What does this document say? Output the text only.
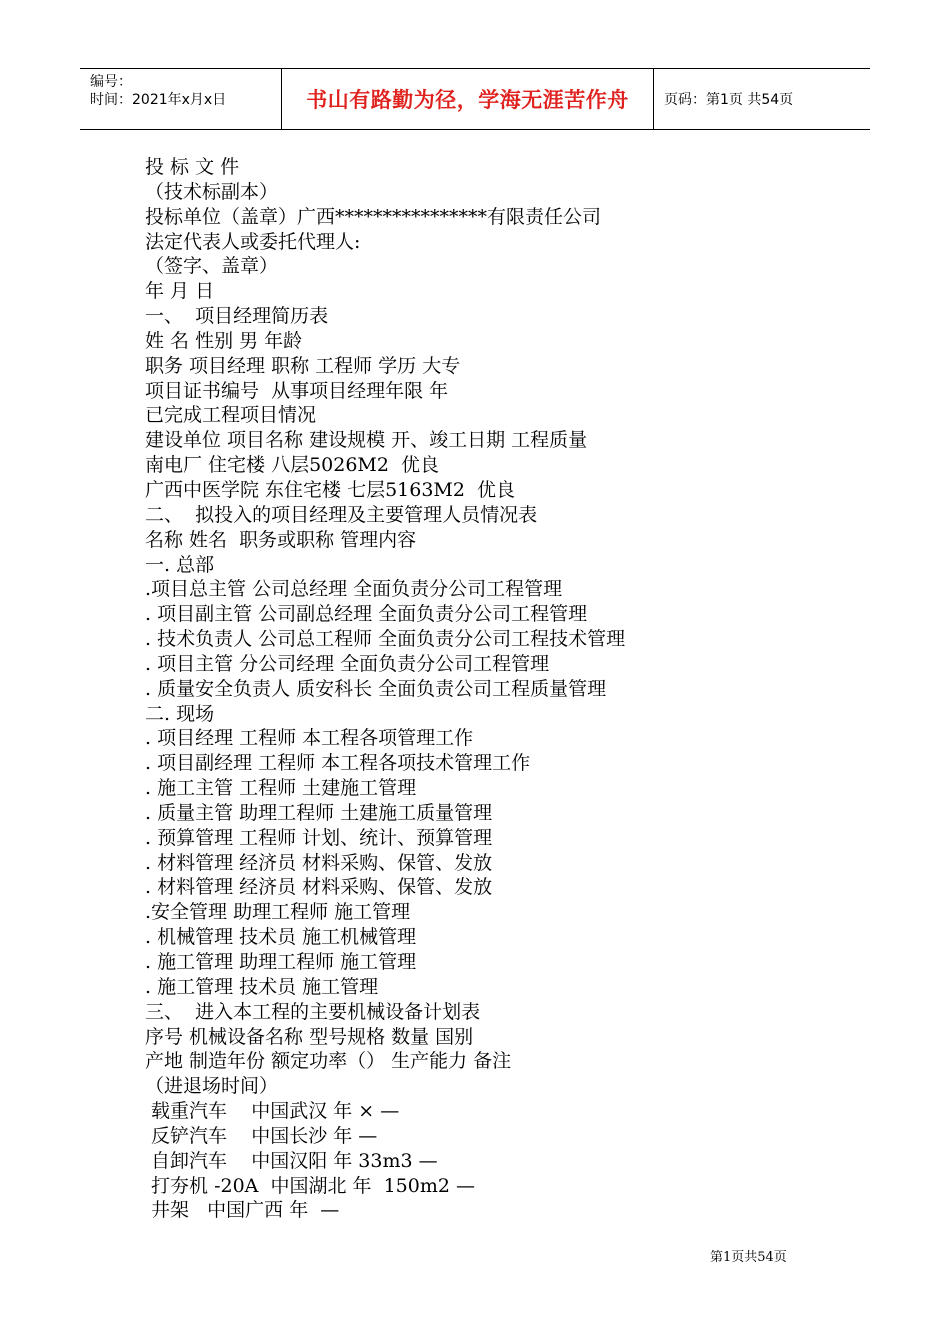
编号：
时间：2021年x月x日	书山有路勤为径，学海无涯苦作舟	页码：第1页 共54页
投 标 文 件
（技术标副本）
投标单位（盖章）广西****************有限责任公司
法定代表人或委托代理人:
（签字、盖章）
年 月 日
一、  项目经理简历表
姓 名 性别 男 年龄
职务 项目经理 职称 工程师 学历 大专
项目证书编号  从事项目经理年限 年
已完成工程项目情况
建设单位 项目名称 建设规模 开、竣工日期 工程质量
南电厂 住宅楼 八层5026M2  优良
广西中医学院 东住宅楼 七层5163M2  优良
二、  拟投入的项目经理及主要管理人员情况表
名称 姓名  职务或职称 管理内容
一. 总部
.项目总主管 公司总经理 全面负责分公司工程管理
. 项目副主管 公司副总经理 全面负责分公司工程管理
. 技术负责人 公司总工程师 全面负责分公司工程技术管理
. 项目主管 分公司经理 全面负责分公司工程管理
. 质量安全负责人 质安科长 全面负责公司工程质量管理
二. 现场
. 项目经理 工程师 本工程各项管理工作
. 项目副经理 工程师 本工程各项技术管理工作
. 施工主管 工程师 土建施工管理
. 质量主管 助理工程师 土建施工质量管理
. 预算管理 工程师 计划、统计、预算管理
. 材料管理 经济员 材料采购、保管、发放
. 材料管理 经济员 材料采购、保管、发放
.安全管理 助理工程师 施工管理
. 机械管理 技术员 施工机械管理
. 施工管理 助理工程师 施工管理
. 施工管理 技术员 施工管理
三、  进入本工程的主要机械设备计划表
序号 机械设备名称 型号规格 数量 国别
产地 制造年份 额定功率（） 生产能力 备注
（进退场时间）
载重汽车    中国武汉 年 × —
反铲汽车    中国长沙 年 —
自卸汽车    中国汉阳 年 33m3 —
打夯机 -20A  中国湖北 年  150m2 —
井架   中国广西 年  —
第1页共54页
